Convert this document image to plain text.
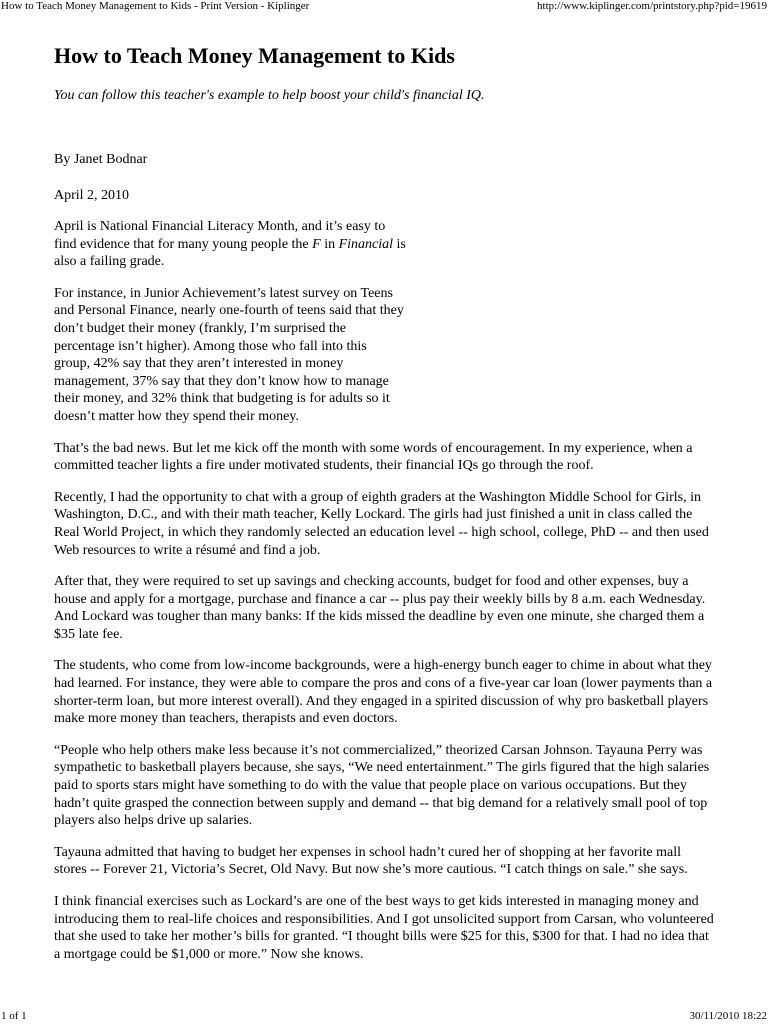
How to Teach Money Management to Kids - Print Version - Kiplinger	http://www.kiplinger.com/printstory.php?pid=19619
How to Teach Money Management to Kids

You can follow this teacher's example to help boost your child's financial IQ.

By Janet Bodnar

April 2, 2010

April is National Financial Literacy Month, and it’s easy to find evidence that for many young people the F in Financial is also a failing grade.

For instance, in Junior Achievement’s latest survey on Teens and Personal Finance, nearly one-fourth of teens said that they don’t budget their money (frankly, I’m surprised the percentage isn’t higher). Among those who fall into this group, 42% say that they aren’t interested in money management, 37% say that they don’t know how to manage their money, and 32% think that budgeting is for adults so it doesn’t matter how they spend their money.

That’s the bad news. But let me kick off the month with some words of encouragement. In my experience, when a committed teacher lights a fire under motivated students, their financial IQs go through the roof.

Recently, I had the opportunity to chat with a group of eighth graders at the Washington Middle School for Girls, in Washington, D.C., and with their math teacher, Kelly Lockard. The girls had just finished a unit in class called the Real World Project, in which they randomly selected an education level -- high school, college, PhD -- and then used Web resources to write a résumé and find a job.

After that, they were required to set up savings and checking accounts, budget for food and other expenses, buy a house and apply for a mortgage, purchase and finance a car -- plus pay their weekly bills by 8 a.m. each Wednesday. And Lockard was tougher than many banks: If the kids missed the deadline by even one minute, she charged them a $35 late fee.

The students, who come from low-income backgrounds, were a high-energy bunch eager to chime in about what they had learned. For instance, they were able to compare the pros and cons of a five-year car loan (lower payments than a shorter-term loan, but more interest overall). And they engaged in a spirited discussion of why pro basketball players make more money than teachers, therapists and even doctors.

“People who help others make less because it’s not commercialized,” theorized Carsan Johnson. Tayauna Perry was sympathetic to basketball players because, she says, “We need entertainment.” The girls figured that the high salaries paid to sports stars might have something to do with the value that people place on various occupations. But they hadn’t quite grasped the connection between supply and demand -- that big demand for a relatively small pool of top players also helps drive up salaries.

Tayauna admitted that having to budget her expenses in school hadn’t cured her of shopping at her favorite mall stores -- Forever 21, Victoria’s Secret, Old Navy. But now she’s more cautious. “I catch things on sale.” she says.

I think financial exercises such as Lockard’s are one of the best ways to get kids interested in managing money and introducing them to real-life choices and responsibilities. And I got unsolicited support from Carsan, who volunteered that she used to take her mother’s bills for granted. “I thought bills were $25 for this, $300 for that. I had no idea that a mortgage could be $1,000 or more.” Now she knows.

1 of 1	30/11/2010 18:22
